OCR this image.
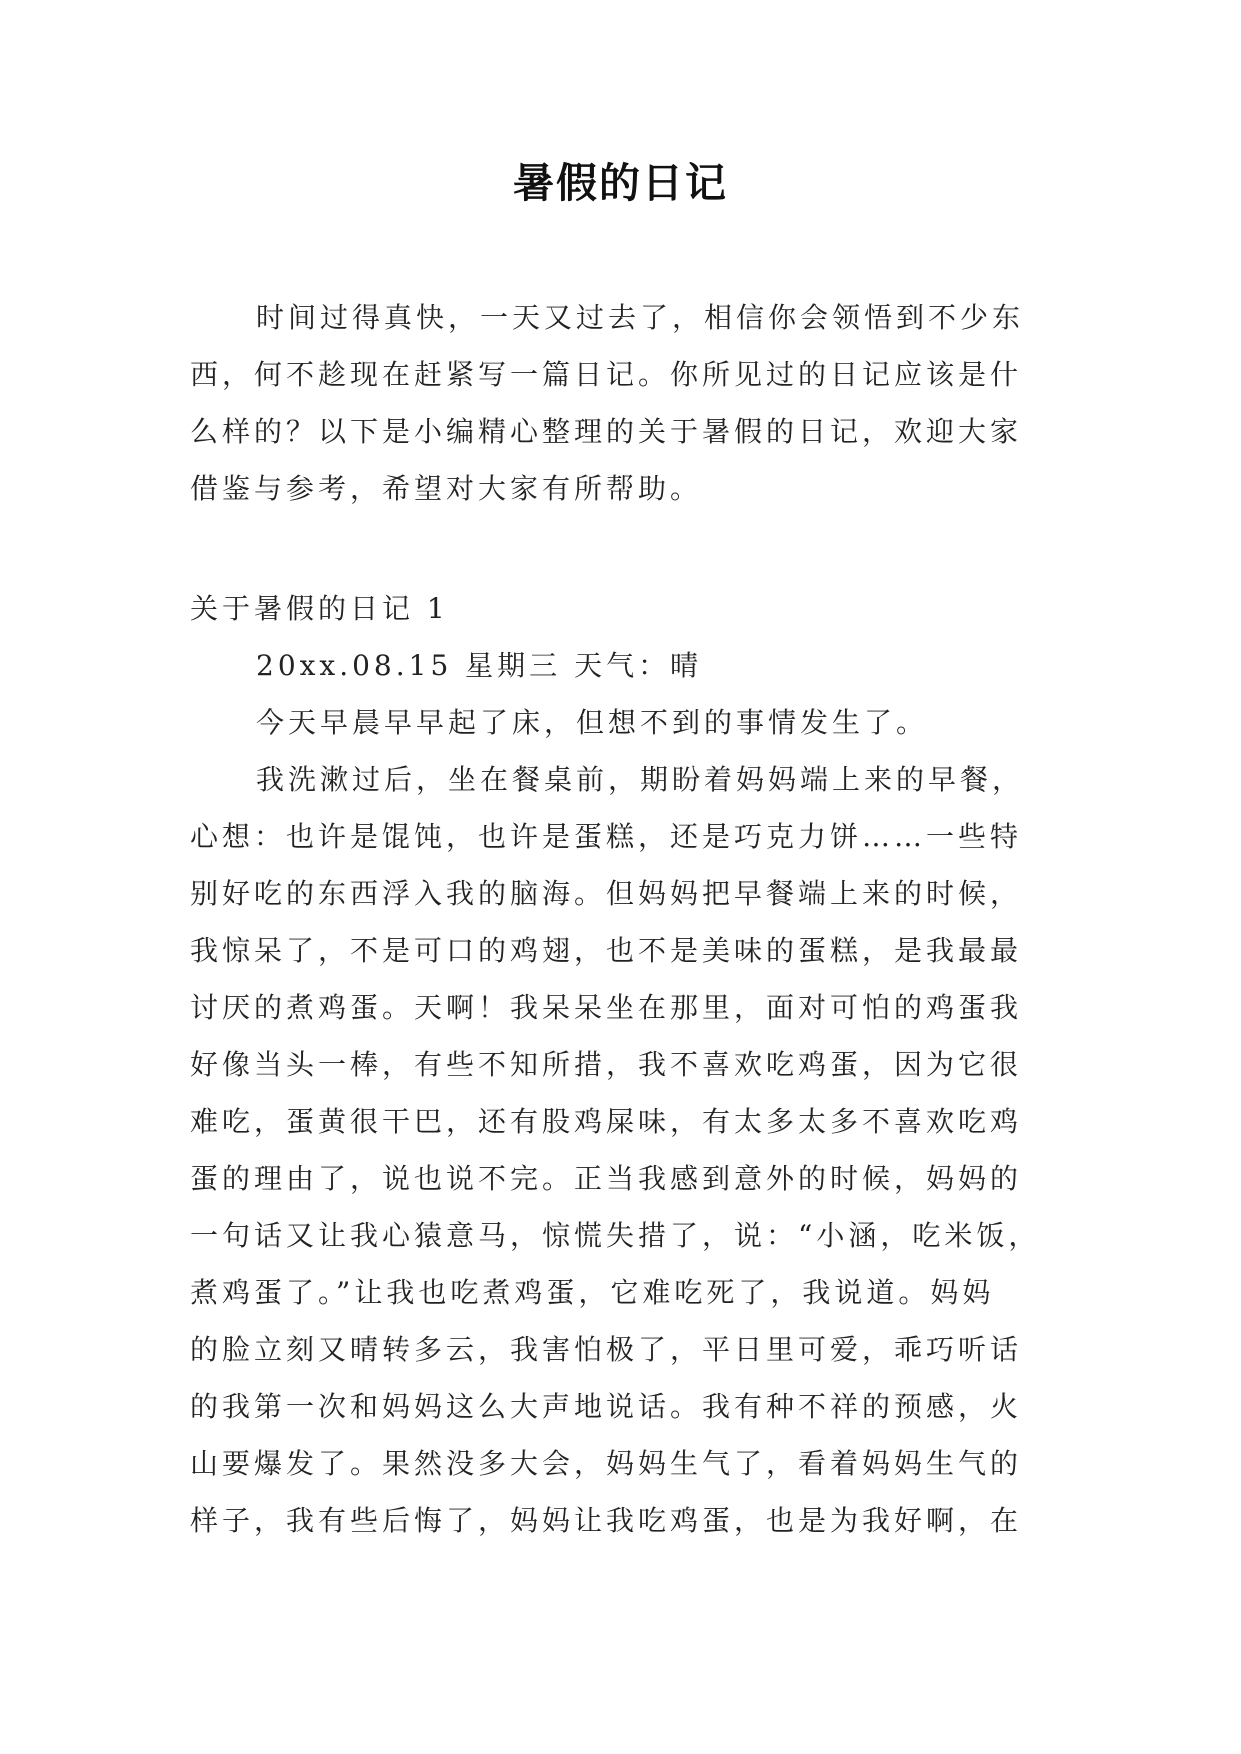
暑假的日记
时间过得真快，一天又过去了，相信你会领悟到不少东
西，何不趁现在赶紧写一篇日记。你所见过的日记应该是什
么样的？以下是小编精心整理的关于暑假的日记，欢迎大家
借鉴与参考，希望对大家有所帮助。
关于暑假的日记 1
20xx.08.15 星期三 天气：晴
今天早晨早早起了床，但想不到的事情发生了。
我洗漱过后，坐在餐桌前，期盼着妈妈端上来的早餐，
心想：也许是馄饨，也许是蛋糕，还是巧克力饼……一些特
别好吃的东西浮入我的脑海。但妈妈把早餐端上来的时候，
我惊呆了，不是可口的鸡翅，也不是美味的蛋糕，是我最最
讨厌的煮鸡蛋。天啊！我呆呆坐在那里，面对可怕的鸡蛋我
好像当头一棒，有些不知所措，我不喜欢吃鸡蛋，因为它很
难吃，蛋黄很干巴，还有股鸡屎味，有太多太多不喜欢吃鸡
蛋的理由了，说也说不完。正当我感到意外的时候，妈妈的
一句话又让我心猿意马，惊慌失措了，说：“小涵，吃米饭，
煮鸡蛋了。”让我也吃煮鸡蛋，它难吃死了，我说道。妈妈
的脸立刻又晴转多云，我害怕极了，平日里可爱，乖巧听话
的我第一次和妈妈这么大声地说话。我有种不祥的预感，火
山要爆发了。果然没多大会，妈妈生气了，看着妈妈生气的
样子，我有些后悔了，妈妈让我吃鸡蛋，也是为我好啊，在
